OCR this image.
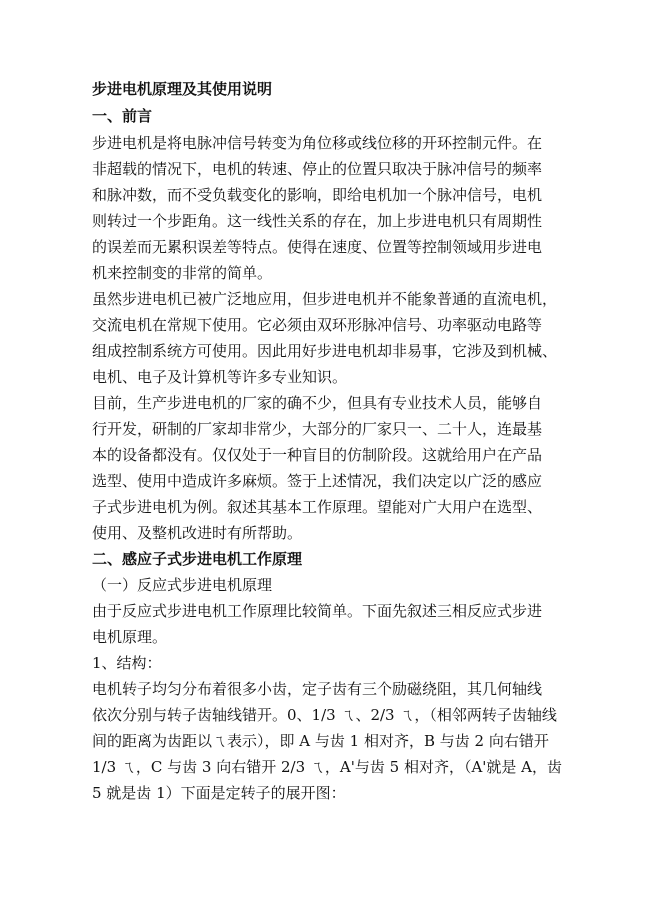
步进电机原理及其使用说明
一、前言
步进电机是将电脉冲信号转变为角位移或线位移的开环控制元件。在
非超载的情况下，电机的转速、停止的位置只取决于脉冲信号的频率
和脉冲数，而不受负载变化的影响，即给电机加一个脉冲信号，电机
则转过一个步距角。这一线性关系的存在，加上步进电机只有周期性
的误差而无累积误差等特点。使得在速度、位置等控制领域用步进电
机来控制变的非常的简单。
虽然步进电机已被广泛地应用，但步进电机并不能象普通的直流电机，
交流电机在常规下使用。它必须由双环形脉冲信号、功率驱动电路等
组成控制系统方可使用。因此用好步进电机却非易事，它涉及到机械、
电机、电子及计算机等许多专业知识。
目前，生产步进电机的厂家的确不少，但具有专业技术人员，能够自
行开发，研制的厂家却非常少，大部分的厂家只一、二十人，连最基
本的设备都没有。仅仅处于一种盲目的仿制阶段。这就给用户在产品
选型、使用中造成许多麻烦。签于上述情况，我们决定以广泛的感应
子式步进电机为例。叙述其基本工作原理。望能对广大用户在选型、
使用、及整机改进时有所帮助。
二、感应子式步进电机工作原理
（一）反应式步进电机原理
由于反应式步进电机工作原理比较简单。下面先叙述三相反应式步进
电机原理。
1、结构：
电机转子均匀分布着很多小齿，定子齿有三个励磁绕阻，其几何轴线
依次分别与转子齿轴线错开。0、1/3 ㄟ、2/3 ㄟ，（相邻两转子齿轴线
间的距离为齿距以ㄟ表示），即 A 与齿 1 相对齐，B 与齿 2 向右错开
1/3 ㄟ，C 与齿 3 向右错开 2/3 ㄟ，A'与齿 5 相对齐，（A'就是 A，齿
5 就是齿 1）下面是定转子的展开图：
